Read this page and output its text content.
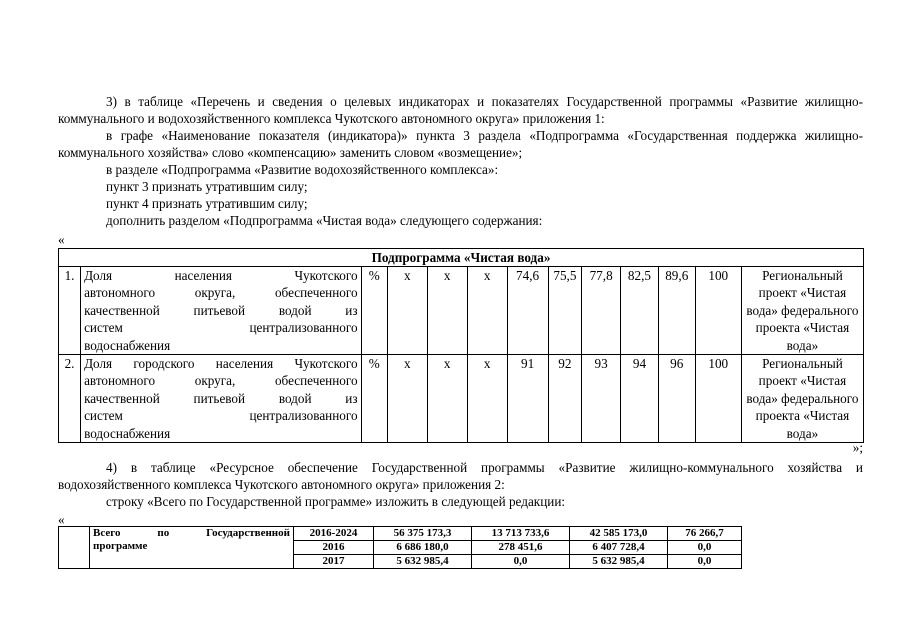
3) в таблице «Перечень и сведения о целевых индикаторах и показателях Государственной программы «Развитие жилищно-коммунального и водохозяйственного комплекса Чукотского автономного округа» приложения 1:
в графе «Наименование показателя (индикатора)» пункта 3 раздела «Подпрограмма «Государственная поддержка жилищно-коммунального хозяйства» слово «компенсацию» заменить словом «возмещение»;
в разделе «Подпрограмма «Развитие водохозяйственного комплекса»:
пункт 3 признать утратившим силу;
пункт 4 признать утратившим силу;
дополнить разделом «Подпрограмма «Чистая вода» следующего содержания:
«
Подпрограмма «Чистая вода»												
1.	Доля населения Чукотского
автономного округа, обеспеченного
качественной питьевой водой из
систем централизованного
водоснабжения	%	х	х	х	74,6	75,5	77,8	82,5	89,6	100	Региональный проект «Чистая вода» федерального проекта «Чистая вода»
2.	Доля городского населения Чукотского
автономного округа, обеспеченного
качественной питьевой водой из
систем централизованного
водоснабжения	%	х	х	х	91	92	93	94	96	100	Региональный проект «Чистая вода» федерального проекта «Чистая вода»
»;
4) в таблице «Ресурсное обеспечение Государственной программы «Развитие жилищно-коммунального хозяйства и водохозяйственного комплекса Чукотского автономного округа» приложения 2:
строку «Всего по Государственной программе» изложить в следующей редакции:
«

	Всего по Государственной
программе	2016-2024	56 375 173,3	13 713 733,6	42 585 173,0	76 266,7
		2016	6 686 180,0	278 451,6	6 407 728,4	0,0
		2017	5 632 985,4	0,0	5 632 985,4	0,0
